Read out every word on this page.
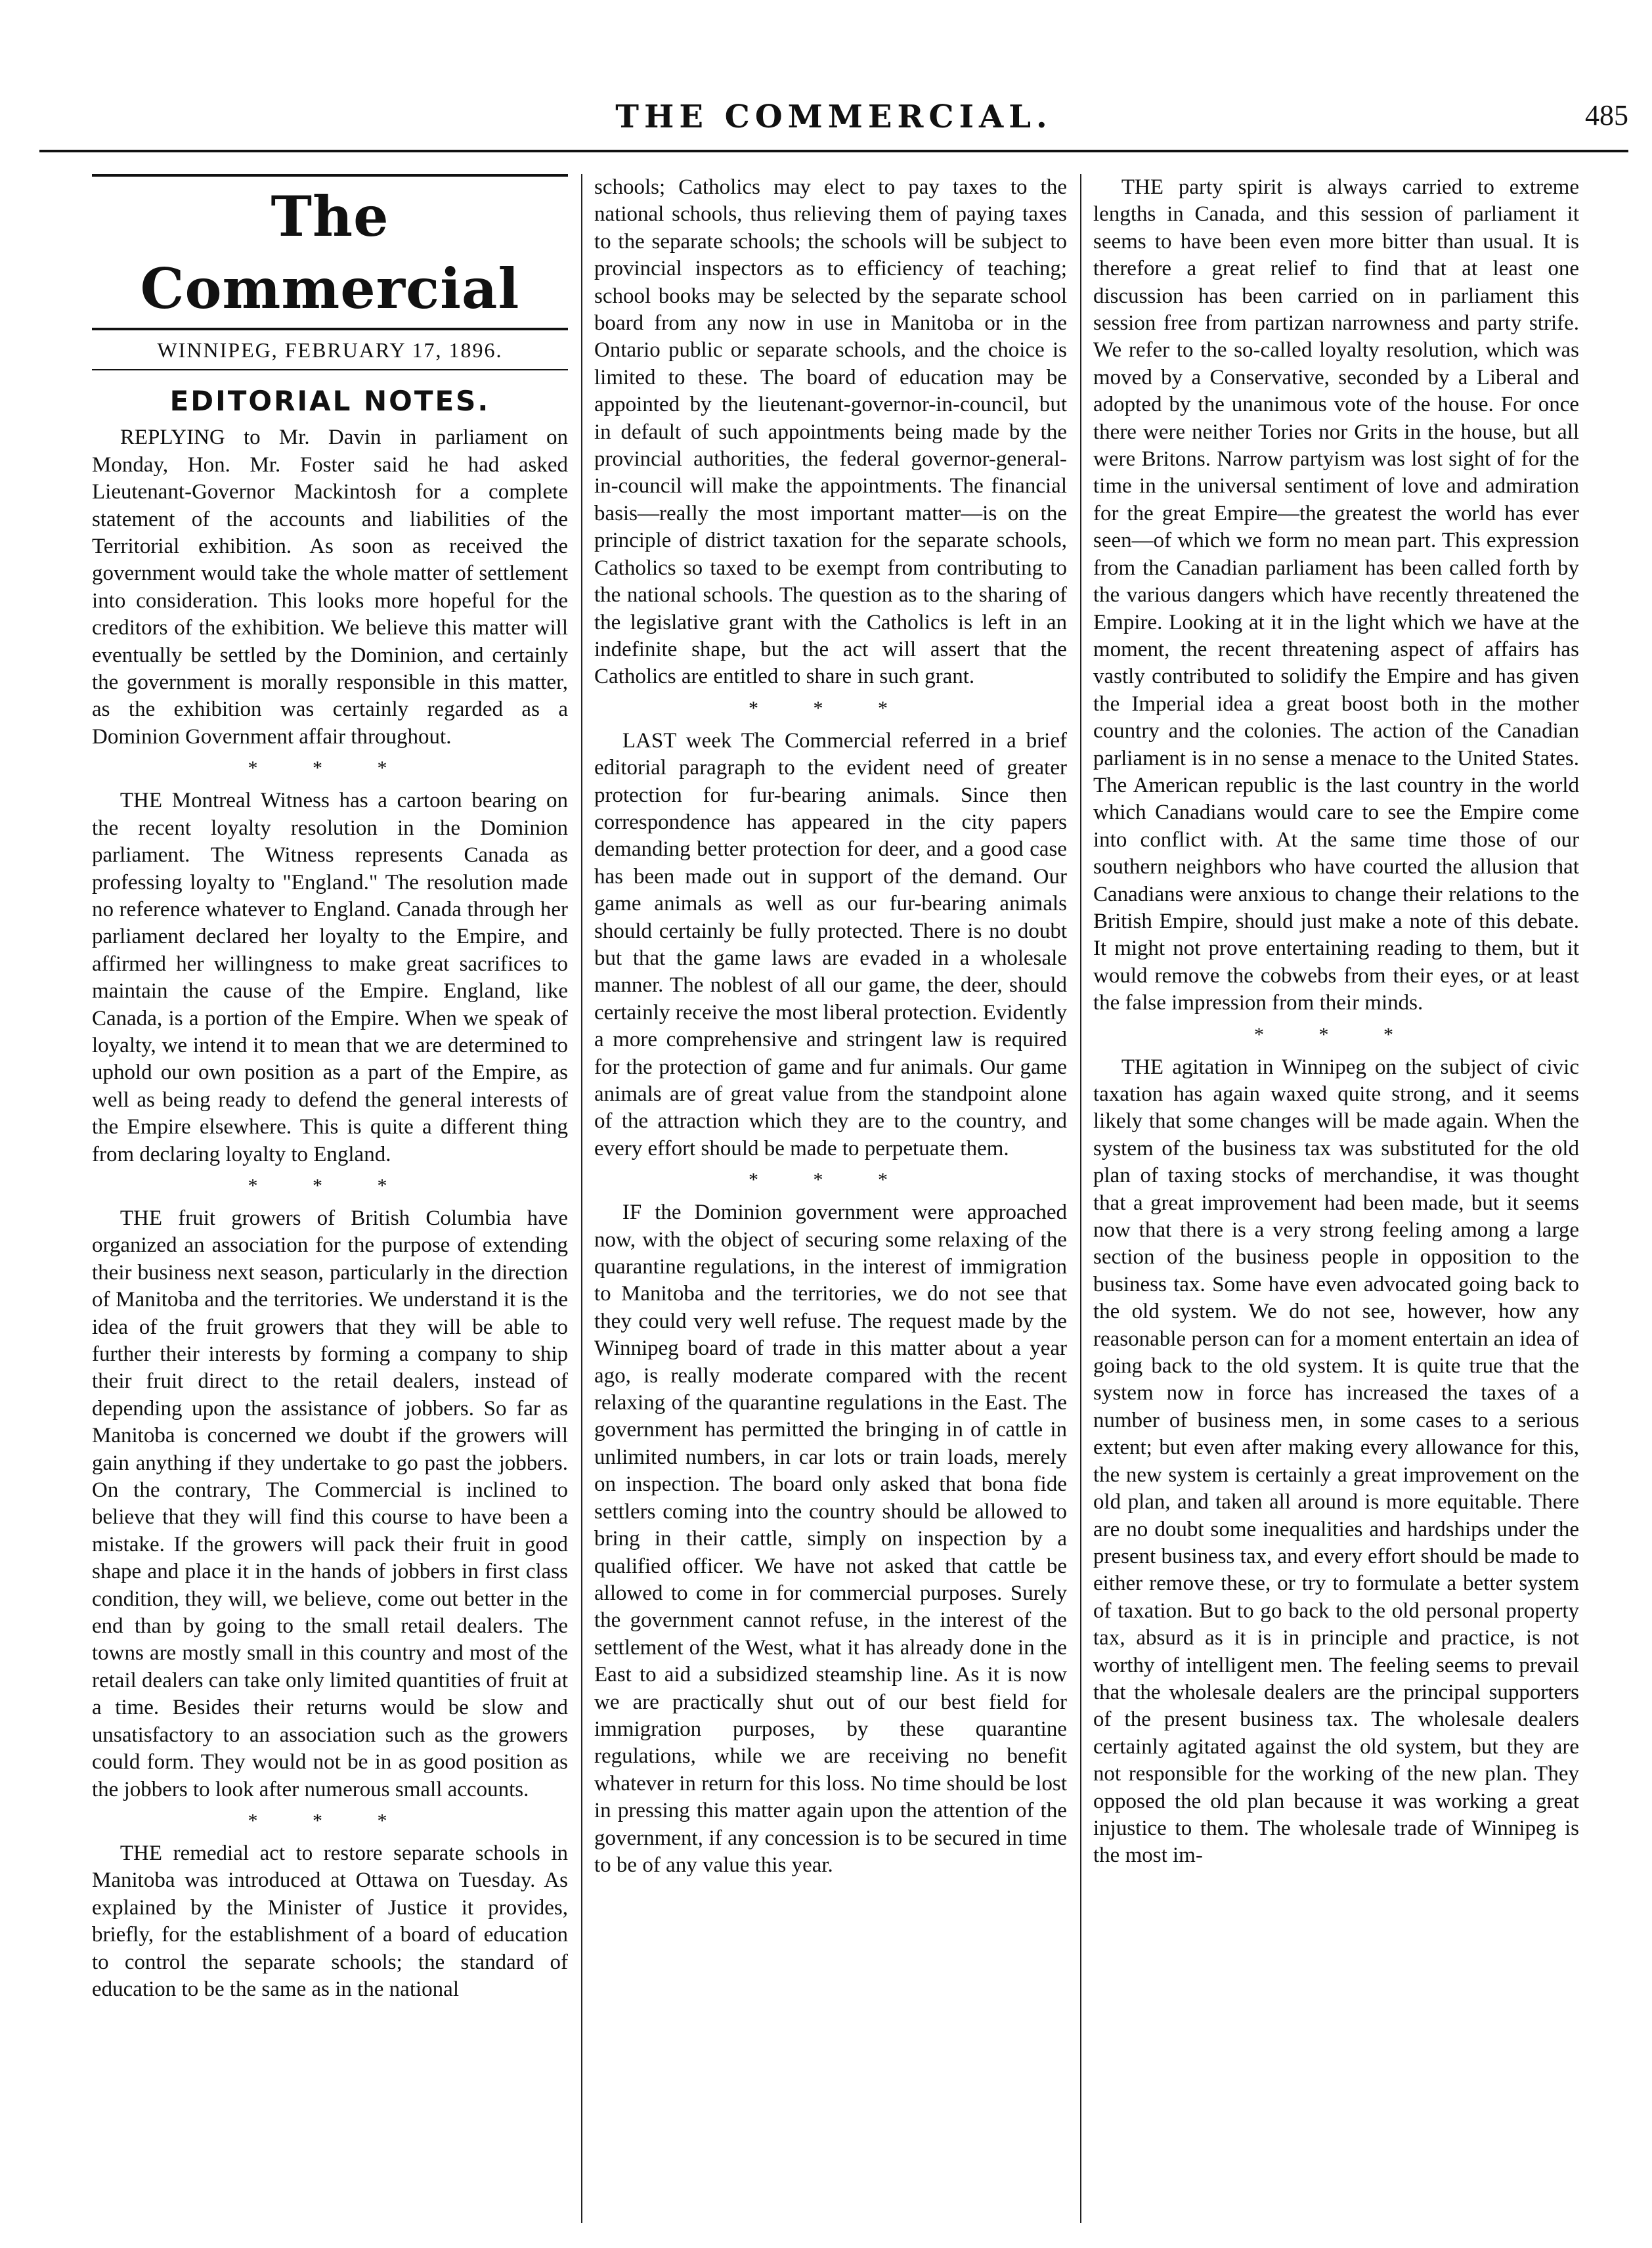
THE COMMERCIAL.	485
The Commercial
WINNIPEG, FEBRUARY 17, 1896.
EDITORIAL NOTES.

REPLYING to Mr. Davin in parliament on Monday, Hon. Mr. Foster said he had asked Lieutenant-Governor Mackintosh for a complete statement of the accounts and liabilities of the Territorial exhibition. As soon as received the government would take the whole matter of settlement into consideration. This looks more hopeful for the creditors of the exhibition. We believe this matter will eventually be settled by the Dominion, and certainly the government is morally responsible in this matter, as the exhibition was certainly regarded as a Dominion Government affair throughout.

* * *

THE Montreal Witness has a cartoon bearing on the recent loyalty resolution in the Dominion parliament. The Witness represents Canada as professing loyalty to "England." The resolution made no reference whatever to England. Canada through her parliament declared her loyalty to the Empire, and affirmed her willingness to make great sacrifices to maintain the cause of the Empire. England, like Canada, is a portion of the Empire. When we speak of loyalty, we intend it to mean that we are determined to uphold our own position as a part of the Empire, as well as being ready to defend the general interests of the Empire elsewhere. This is quite a different thing from declaring loyalty to England.

* * *

THE fruit growers of British Columbia have organized an association for the purpose of extending their business next season, particularly in the direction of Manitoba and the territories. We understand it is the idea of the fruit growers that they will be able to further their interests by forming a company to ship their fruit direct to the retail dealers, instead of depending upon the assistance of jobbers. So far as Manitoba is concerned we doubt if the growers will gain anything if they undertake to go past the jobbers. On the contrary, The Commercial is inclined to believe that they will find this course to have been a mistake. If the growers will pack their fruit in good shape and place it in the hands of jobbers in first class condition, they will, we believe, come out better in the end than by going to the small retail dealers. The towns are mostly small in this country and most of the retail dealers can take only limited quantities of fruit at a time. Besides their returns would be slow and unsatisfactory to an association such as the growers could form. They would not be in as good position as the jobbers to look after numerous small accounts.

* * *

THE remedial act to restore separate schools in Manitoba was introduced at Ottawa on Tuesday. As explained by the Minister of Justice it provides, briefly, for the establishment of a board of education to control the separate schools; the standard of education to be the same as in the national

schools; Catholics may elect to pay taxes to the national schools, thus relieving them of paying taxes to the separate schools; the schools will be subject to provincial inspectors as to efficiency of teaching; school books may be selected by the separate school board from any now in use in Manitoba or in the Ontario public or separate schools, and the choice is limited to these. The board of education may be appointed by the lieutenant-governor-in-council, but in default of such appointments being made by the provincial authorities, the federal governor-general-in-council will make the appointments. The financial basis—really the most important matter—is on the principle of district taxation for the separate schools, Catholics so taxed to be exempt from contributing to the national schools. The question as to the sharing of the legislative grant with the Catholics is left in an indefinite shape, but the act will assert that the Catholics are entitled to share in such grant.

* * *

LAST week The Commercial referred in a brief editorial paragraph to the evident need of greater protection for fur-bearing animals. Since then correspondence has appeared in the city papers demanding better protection for deer, and a good case has been made out in support of the demand. Our game animals as well as our fur-bearing animals should certainly be fully protected. There is no doubt but that the game laws are evaded in a wholesale manner. The noblest of all our game, the deer, should certainly receive the most liberal protection. Evidently a more comprehensive and stringent law is required for the protection of game and fur animals. Our game animals are of great value from the standpoint alone of the attraction which they are to the country, and every effort should be made to perpetuate them.

* * *

IF the Dominion government were approached now, with the object of securing some relaxing of the quarantine regulations, in the interest of immigration to Manitoba and the territories, we do not see that they could very well refuse. The request made by the Winnipeg board of trade in this matter about a year ago, is really moderate compared with the recent relaxing of the quarantine regulations in the East. The government has permitted the bringing in of cattle in unlimited numbers, in car lots or train loads, merely on inspection. The board only asked that bona fide settlers coming into the country should be allowed to bring in their cattle, simply on inspection by a qualified officer. We have not asked that cattle be allowed to come in for commercial purposes. Surely the government cannot refuse, in the interest of the settlement of the West, what it has already done in the East to aid a subsidized steamship line. As it is now we are practically shut out of our best field for immigration purposes, by these quarantine regulations, while we are receiving no benefit whatever in return for this loss. No time should be lost in pressing this matter again upon the attention of the government, if any concession is to be secured in time to be of any value this year.

THE party spirit is always carried to extreme lengths in Canada, and this session of parliament it seems to have been even more bitter than usual. It is therefore a great relief to find that at least one discussion has been carried on in parliament this session free from partizan narrowness and party strife. We refer to the so-called loyalty resolution, which was moved by a Conservative, seconded by a Liberal and adopted by the unanimous vote of the house. For once there were neither Tories nor Grits in the house, but all were Britons. Narrow partyism was lost sight of for the time in the universal sentiment of love and admiration for the great Empire—the greatest the world has ever seen—of which we form no mean part. This expression from the Canadian parliament has been called forth by the various dangers which have recently threatened the Empire. Looking at it in the light which we have at the moment, the recent threatening aspect of affairs has vastly contributed to solidify the Empire and has given the Imperial idea a great boost both in the mother country and the colonies. The action of the Canadian parliament is in no sense a menace to the United States. The American republic is the last country in the world which Canadians would care to see the Empire come into conflict with. At the same time those of our southern neighbors who have courted the allusion that Canadians were anxious to change their relations to the British Empire, should just make a note of this debate. It might not prove entertaining reading to them, but it would remove the cobwebs from their eyes, or at least the false impression from their minds.

* * *

THE agitation in Winnipeg on the subject of civic taxation has again waxed quite strong, and it seems likely that some changes will be made again. When the system of the business tax was substituted for the old plan of taxing stocks of merchandise, it was thought that a great improvement had been made, but it seems now that there is a very strong feeling among a large section of the business people in opposition to the business tax. Some have even advocated going back to the old system. We do not see, however, how any reasonable person can for a moment entertain an idea of going back to the old system. It is quite true that the system now in force has increased the taxes of a number of business men, in some cases to a serious extent; but even after making every allowance for this, the new system is certainly a great improvement on the old plan, and taken all around is more equitable. There are no doubt some inequalities and hardships under the present business tax, and every effort should be made to either remove these, or try to formulate a better system of taxation. But to go back to the old personal property tax, absurd as it is in principle and practice, is not worthy of intelligent men. The feeling seems to prevail that the wholesale dealers are the principal supporters of the present business tax. The wholesale dealers certainly agitated against the old system, but they are not responsible for the working of the new plan. They opposed the old plan because it was working a great injustice to them. The wholesale trade of Winnipeg is the most im-
